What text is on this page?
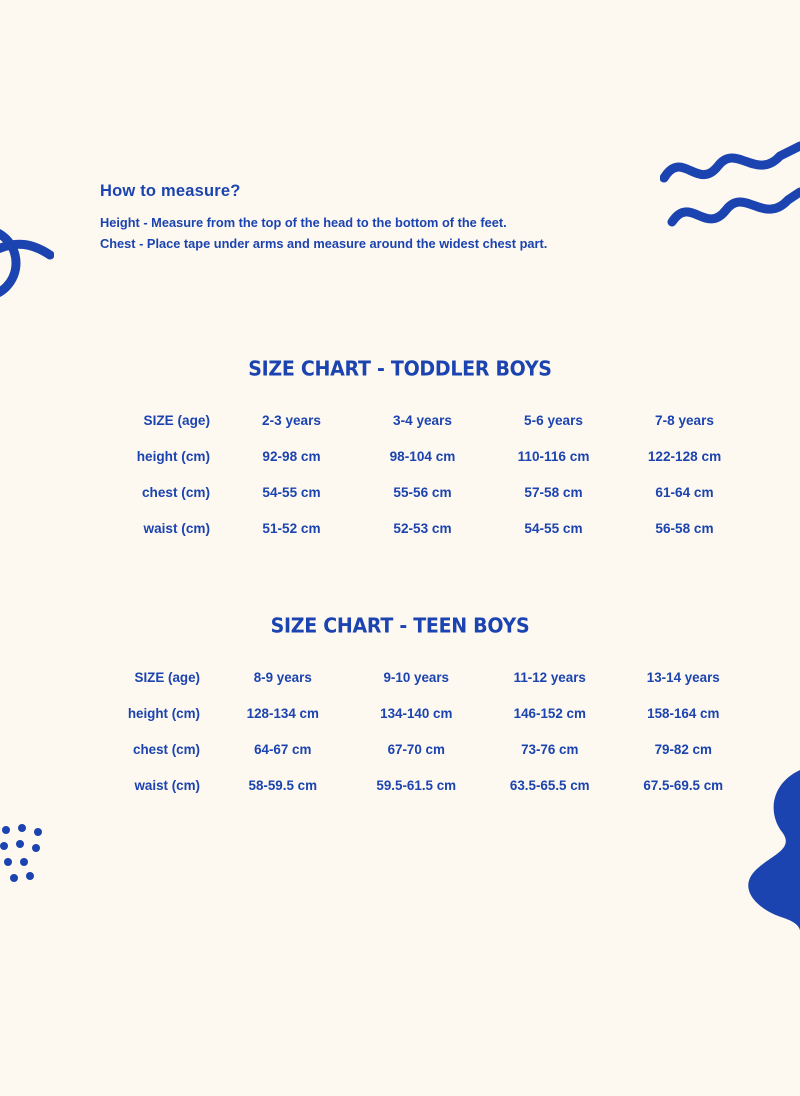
How to measure?

Height - Measure from the top of the head to the bottom of the feet.

Chest - Place tape under arms and measure around the widest chest part.

SIZE CHART - TODDLER BOYS
SIZE (age)	2-3 years	3-4 years	5-6 years	7-8 years
height (cm)	92-98 cm	98-104 cm	110-116 cm	122-128 cm
chest (cm)	54-55 cm	55-56 cm	57-58 cm	61-64 cm
waist (cm)	51-52 cm	52-53 cm	54-55 cm	56-58 cm
SIZE CHART - TEEN BOYS
SIZE (age)	8-9 years	9-10 years	11-12 years	13-14 years
height (cm)	128-134 cm	134-140 cm	146-152 cm	158-164 cm
chest (cm)	64-67 cm	67-70 cm	73-76 cm	79-82 cm
waist (cm)	58-59.5 cm	59.5-61.5 cm	63.5-65.5 cm	67.5-69.5 cm
